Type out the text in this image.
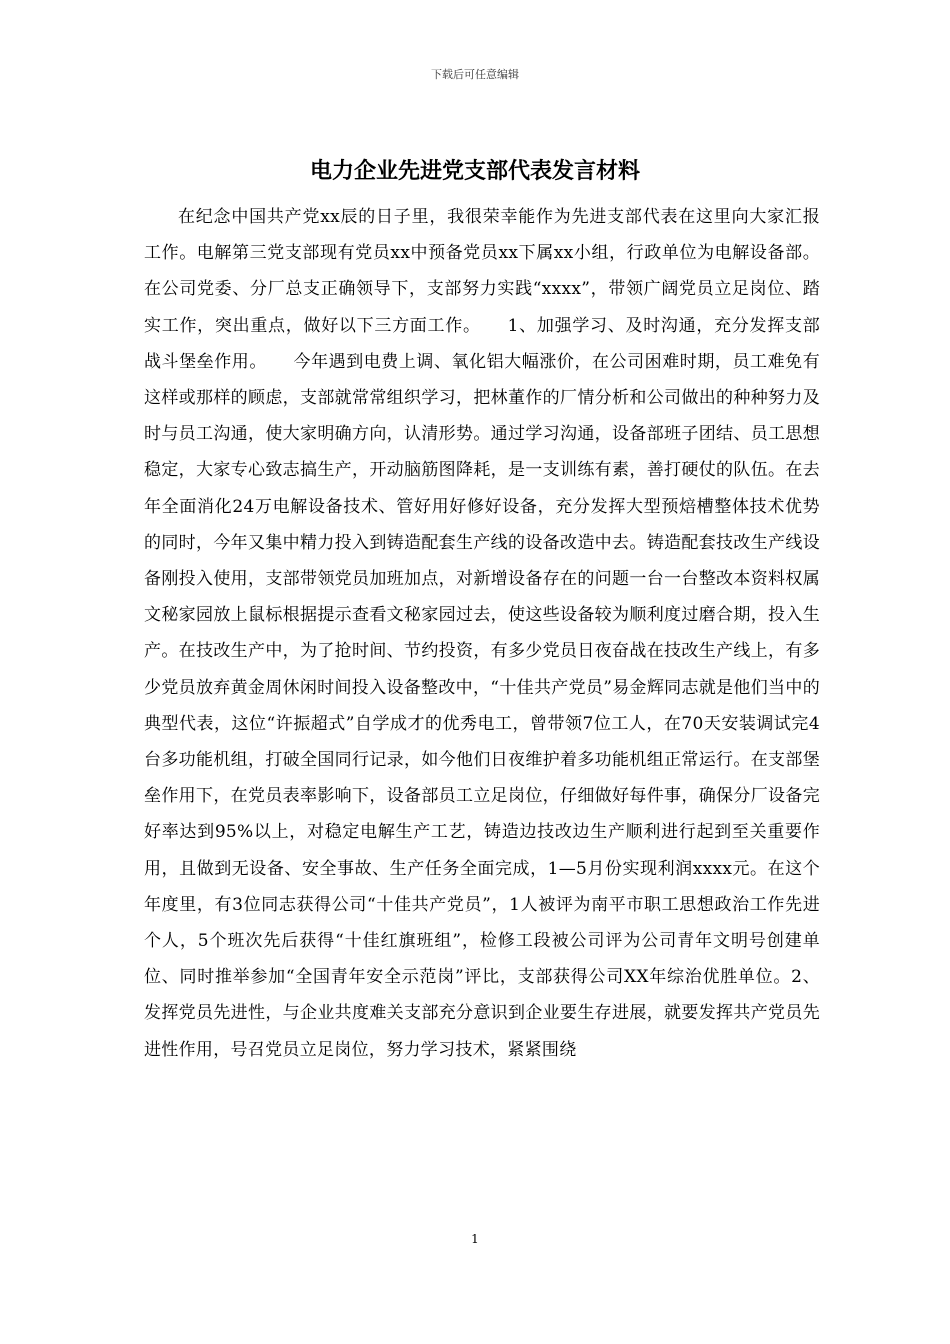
下载后可任意编辑
电力企业先进党支部代表发言材料

在纪念中国共产党xx辰的日子里，我很荣幸能作为先进支部代表在这里向大家汇报工作。电解第三党支部现有党员xx中预备党员xx下属xx小组，行政单位为电解设备部。在公司党委、分厂总支正确领导下，支部努力实践“xxxx”，带领广阔党员立足岗位、踏实工作，突出重点，做好以下三方面工作。　　1、加强学习、及时沟通，充分发挥支部战斗堡垒作用。　　今年遇到电费上调、氧化铝大幅涨价，在公司困难时期，员工难免有这样或那样的顾虑，支部就常常组织学习，把林董作的厂情分析和公司做出的种种努力及时与员工沟通，使大家明确方向，认清形势。通过学习沟通，设备部班子团结、员工思想稳定，大家专心致志搞生产，开动脑筋图降耗，是一支训练有素，善打硬仗的队伍。在去年全面消化24万电解设备技术、管好用好修好设备，充分发挥大型预焙槽整体技术优势的同时，今年又集中精力投入到铸造配套生产线的设备改造中去。铸造配套技改生产线设备刚投入使用，支部带领党员加班加点，对新增设备存在的问题一台一台整改本资料权属文秘家园放上鼠标根据提示查看文秘家园过去，使这些设备较为顺利度过磨合期，投入生产。在技改生产中，为了抢时间、节约投资，有多少党员日夜奋战在技改生产线上，有多少党员放弃黄金周休闲时间投入设备整改中，“十佳共产党员”易金辉同志就是他们当中的典型代表，这位“许振超式”自学成才的优秀电工，曾带领7位工人，在70天安装调试完4台多功能机组，打破全国同行记录，如今他们日夜维护着多功能机组正常运行。在支部堡垒作用下，在党员表率影响下，设备部员工立足岗位，仔细做好每件事，确保分厂设备完好率达到95%以上，对稳定电解生产工艺，铸造边技改边生产顺利进行起到至关重要作用，且做到无设备、安全事故、生产任务全面完成，1—5月份实现利润xxxx元。在这个年度里，有3位同志获得公司“十佳共产党员”，1人被评为南平市职工思想政治工作先进个人，5个班次先后获得“十佳红旗班组”，检修工段被公司评为公司青年文明号创建单位、同时推举参加“全国青年安全示范岗”评比，支部获得公司XX年综治优胜单位。2、发挥党员先进性，与企业共度难关支部充分意识到企业要生存进展，就要发挥共产党员先进性作用，号召党员立足岗位，努力学习技术，紧紧围绕

1
